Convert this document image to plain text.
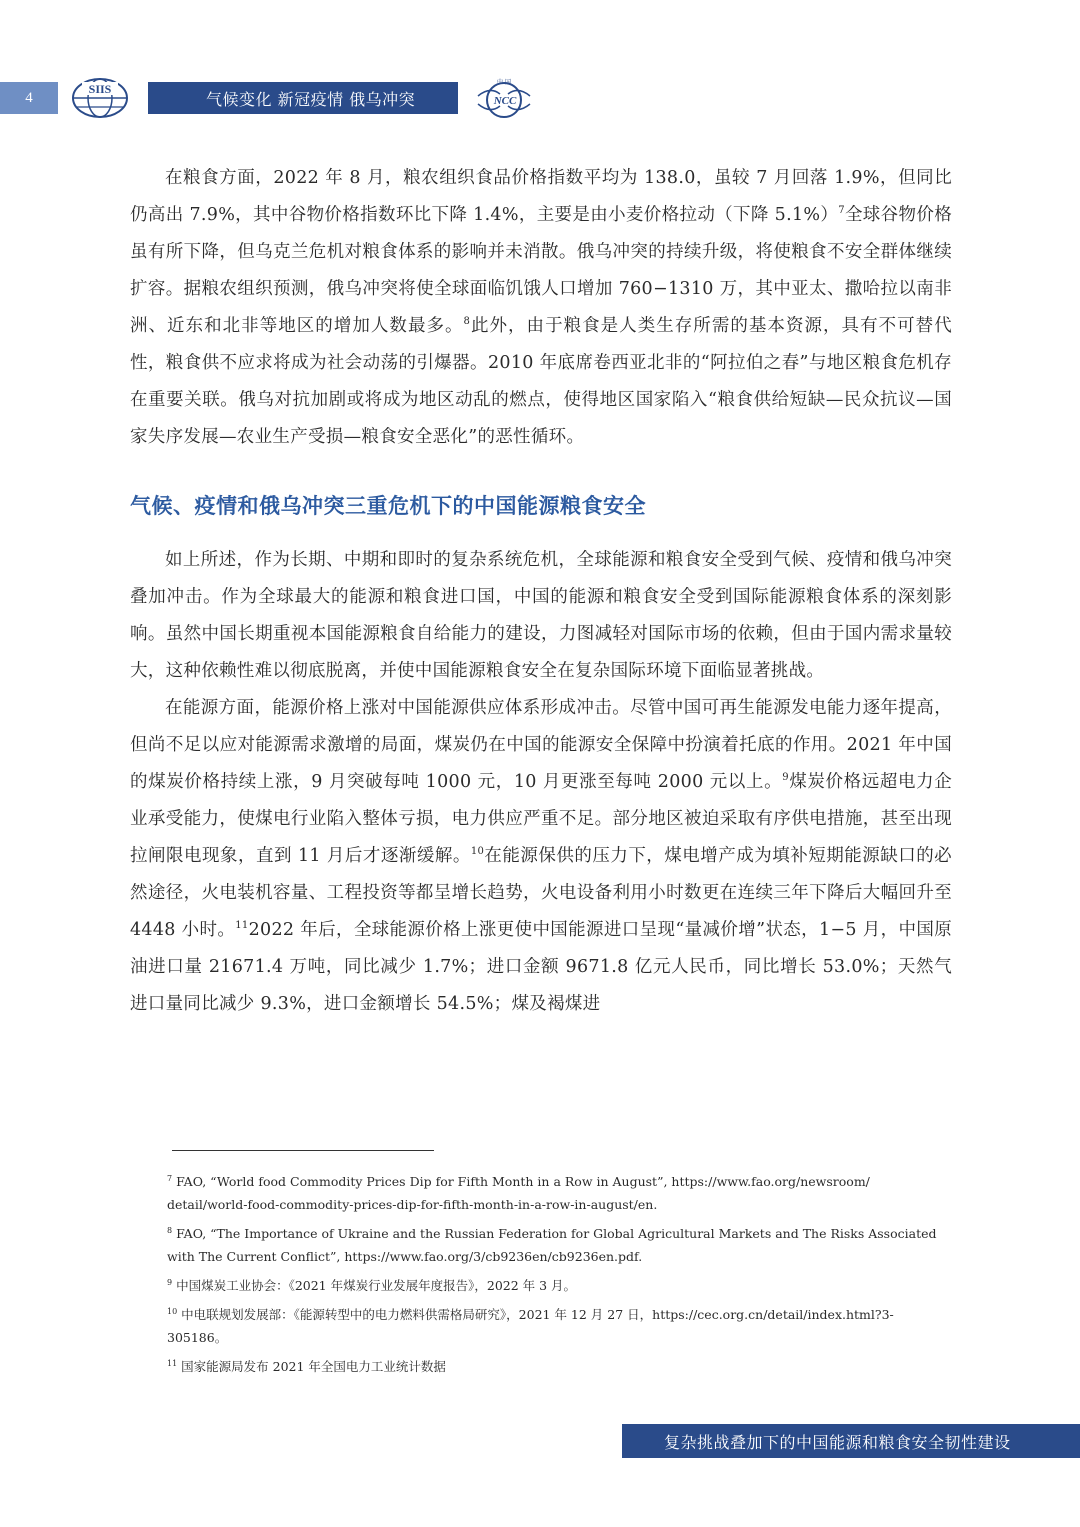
4
SIIS
气候变化 新冠疫情 俄乌冲突
中 国
NCC

在粮食方面，2022 年 8 月，粮农组织食品价格指数平均为 138.0，虽较 7 月回落 1.9%，但同比仍高出 7.9%，其中谷物价格指数环比下降 1.4%，主要是由小麦价格拉动（下降 5.1%）$^7$全球谷物价格虽有所下降，但乌克兰危机对粮食体系的影响并未消散。俄乌冲突的持续升级，将使粮食不安全群体继续扩容。据粮农组织预测，俄乌冲突将使全球面临饥饿人口增加 760−1310 万，其中亚太、撒哈拉以南非洲、近东和北非等地区的增加人数最多。$^8$此外，由于粮食是人类生存所需的基本资源，具有不可替代性，粮食供不应求将成为社会动荡的引爆器。2010 年底席卷西亚北非的“阿拉伯之春”与地区粮食危机存在重要关联。俄乌对抗加剧或将成为地区动乱的燃点，使得地区国家陷入“粮食供给短缺—民众抗议—国家失序发展—农业生产受损—粮食安全恶化”的恶性循环。

气候、疫情和俄乌冲突三重危机下的中国能源粮食安全

如上所述，作为长期、中期和即时的复杂系统危机，全球能源和粮食安全受到气候、疫情和俄乌冲突叠加冲击。作为全球最大的能源和粮食进口国，中国的能源和粮食安全受到国际能源粮食体系的深刻影响。虽然中国长期重视本国能源粮食自给能力的建设，力图减轻对国际市场的依赖，但由于国内需求量较大，这种依赖性难以彻底脱离，并使中国能源粮食安全在复杂国际环境下面临显著挑战。

在能源方面，能源价格上涨对中国能源供应体系形成冲击。尽管中国可再生能源发电能力逐年提高，但尚不足以应对能源需求激增的局面，煤炭仍在中国的能源安全保障中扮演着托底的作用。2021 年中国的煤炭价格持续上涨，9 月突破每吨 1000 元，10 月更涨至每吨 2000 元以上。$^9$煤炭价格远超电力企业承受能力，使煤电行业陷入整体亏损，电力供应严重不足。部分地区被迫采取有序供电措施，甚至出现拉闸限电现象，直到 11 月后才逐渐缓解。$^{10}$在能源保供的压力下，煤电增产成为填补短期能源缺口的必然途径，火电装机容量、工程投资等都呈增长趋势，火电设备利用小时数更在连续三年下降后大幅回升至 4448 小时。$^{11}$2022 年后，全球能源价格上涨更使中国能源进口呈现“量减价增”状态，1−5 月，中国原油进口量 21671.4 万吨，同比减少 1.7%；进口金额 9671.8 亿元人民币，同比增长 53.0%；天然气进口量同比减少 9.3%，进口金额增长 54.5%；煤及褐煤进

$^7$ FAO, “World food Commodity Prices Dip for Fifth Month in a Row in August”, https://www.fao.org/newsroom/ detail/world-food-commodity-prices-dip-for-fifth-month-in-a-row-in-august/en.

$^8$ FAO, “The Importance of Ukraine and the Russian Federation for Global Agricultural Markets and The Risks Associated with The Current Conflict”, https://www.fao.org/3/cb9236en/cb9236en.pdf.

$^9$ 中国煤炭工业协会：《2021 年煤炭行业发展年度报告》，2022 年 3 月。

$^{10}$ 中电联规划发展部：《能源转型中的电力燃料供需格局研究》，2021 年 12 月 27 日，https://cec.org.cn/detail/index.html?3-305186。

$^{11}$ 国家能源局发布 2021 年全国电力工业统计数据

复杂挑战叠加下的中国能源和粮食安全韧性建设
